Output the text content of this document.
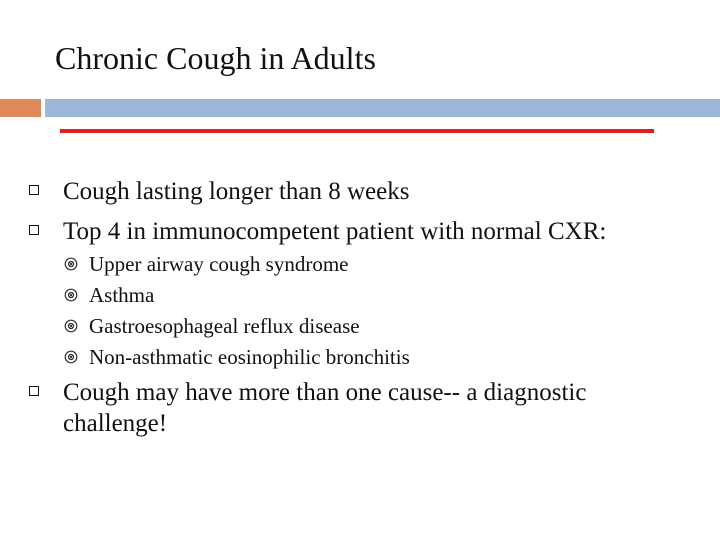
Chronic Cough in Adults
Cough lasting longer than 8 weeks
Top 4 in immunocompetent patient with normal CXR:
Upper airway cough syndrome
Asthma
Gastroesophageal reflux disease
Non-asthmatic eosinophilic bronchitis
Cough may have more than one cause-- a diagnostic
challenge!
